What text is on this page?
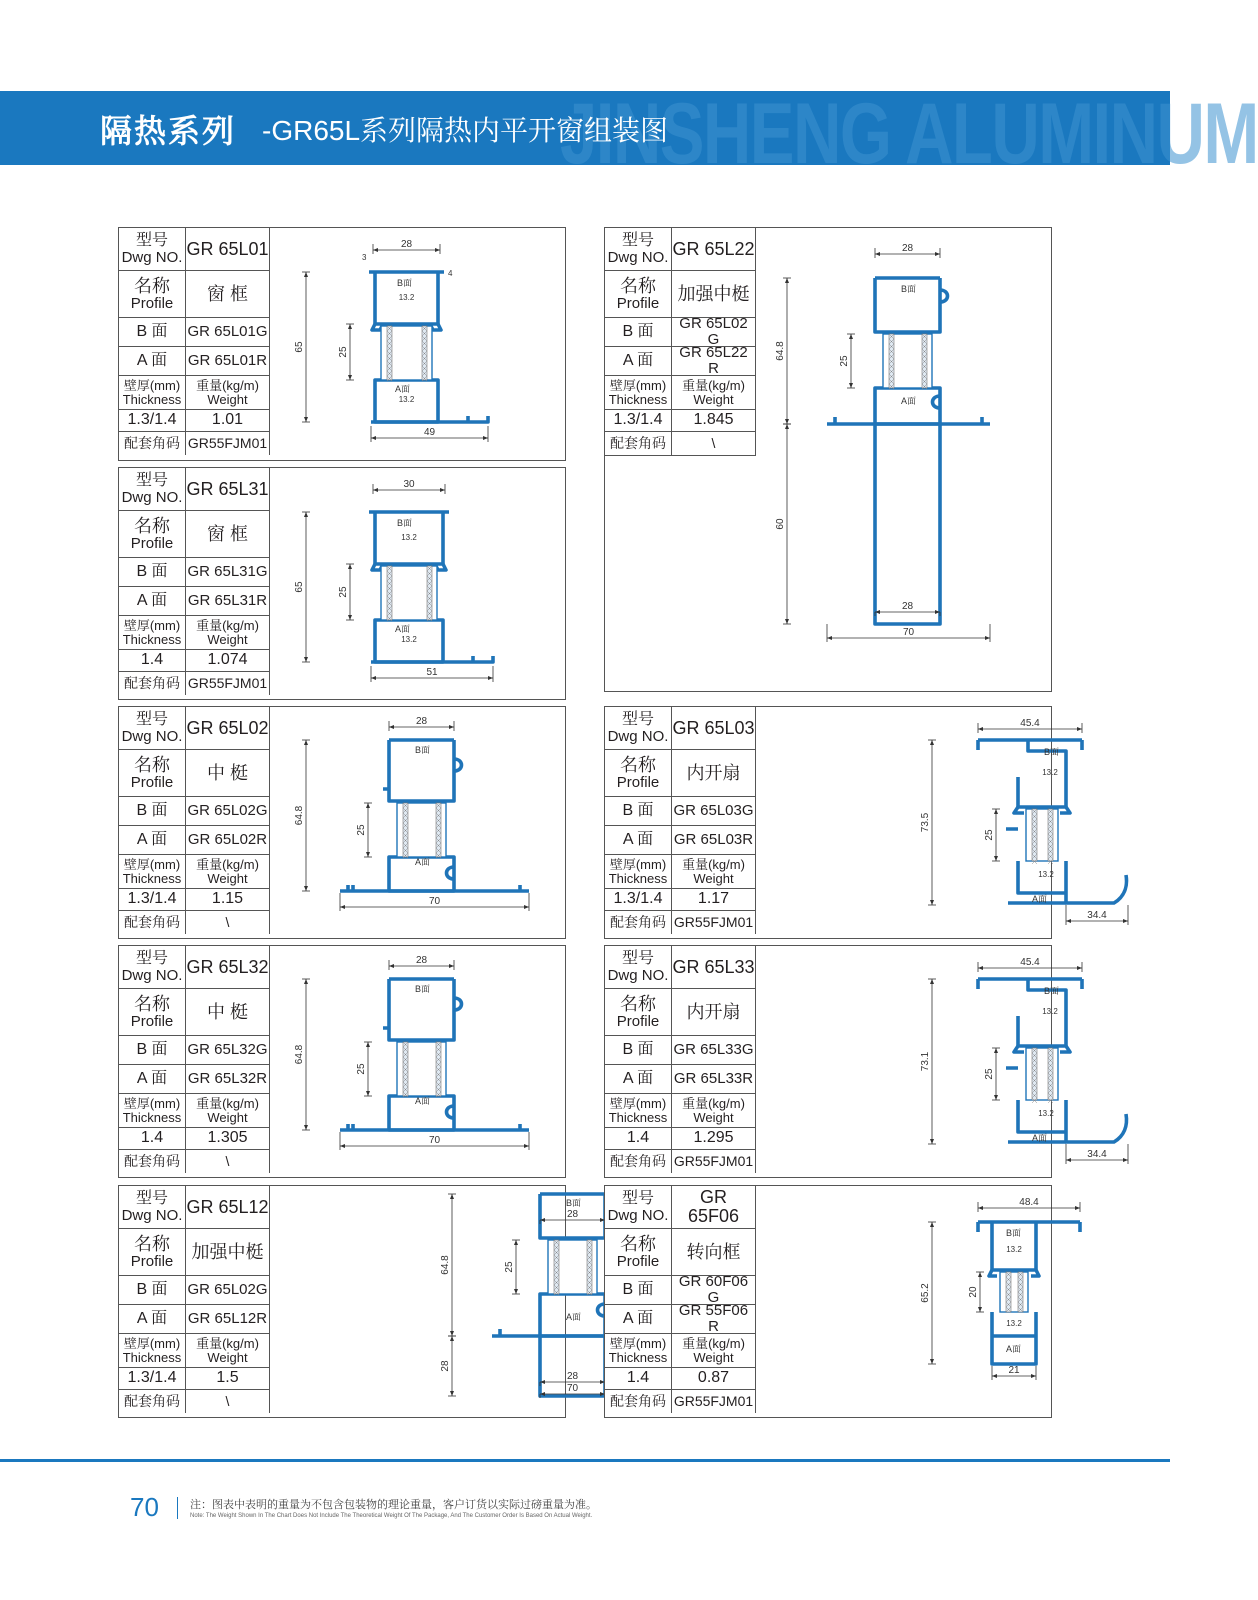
JINSHENG ALUMINUM
隔热系列 -GR65L系列隔热内平开窗组装图
型号
Dwg NO. GR 65L01
名称
Profile 窗 框
B 面 GR 65L01G
A 面 GR 65L01R
壁厚(mm)
Thickness
重量(kg/m)
Weight
1.3/1.4 1.01
配套角码 GR55FJM01
28
3
4
B面
13.2
A面
13.2
65	25
49
型号
Dwg NO. GR 65L22
名称
Profile 加强中梃
B 面	GR 65L02 G
A 面	GR 65L22 R
壁厚(mm)
Thickness
重量(kg/m)
Weight
1.3/1.4 1.845
配套角码	\
28
B面
A面
64.8
25
60
28
70
型号
Dwg NO. GR 65L31
名称
Profile 窗 框
B 面 GR 65L31G
A 面 GR 65L31R
壁厚(mm)
Thickness
重量(kg/m)
Weight
1.4	1.074
配套角码 GR55FJM01
30
B面
13.2
A面
13.2
65	25
51
型号
Dwg NO. GR 65L02
名称
Profile 中 梃
B 面 GR 65L02G
A 面 GR 65L02R
壁厚(mm)
Thickness
重量(kg/m)
Weight
1.3/1.4 1.15
配套角码	\
28
B面
A面
64.8
25
70
型号
Dwg NO. GR 65L03
名称
Profile 内开扇
B 面 GR 65L03G
A 面 GR 65L03R
壁厚(mm)
Thickness
重量(kg/m)
Weight
1.3/1.4 1.17
配套角码 GR55FJM01
45.4
B面
13.2
A面
13.2
73.5
25
34.4
型号
Dwg NO. GR 65L32
名称
Profile 中 梃
B 面 GR 65L32G
A 面 GR 65L32R
壁厚(mm)
Thickness
重量(kg/m)
Weight
1.4	1.305
配套角码	\
28
B面
A面
64.8
25
70
型号
Dwg NO. GR 65L33
名称
Profile 内开扇
B 面 GR 65L33G
A 面 GR 65L33R
壁厚(mm)
Thickness
重量(kg/m)
Weight
1.4	1.295
配套角码 GR55FJM01
45.4
B面
13.2
A面
13.2
73.1
25
34.4
型号
Dwg NO. GR 65L12
名称
Profile 加强中梃
B 面 GR 65L02G
A 面 GR 65L12R
壁厚(mm)
Thickness
重量(kg/m)
Weight
1.3/1.4 1.5
配套角码	\
B面
28
A面
64.8	25
28
28
70
型号
Dwg NO.
GR 65F06
名称
Profile 转向框
B 面	GR 60F06 G
A 面	GR 55F06 R
壁厚(mm)
Thickness
重量(kg/m)
Weight
1.4	0.87
配套角码 GR55FJM01
48.4
B面
13.2
A面
13.2
65.2	20
21
70	注：图表中表明的重量为不包含包装物的理论重量，客户订货以实际过磅重量为准。
Note: The Weight Shown In The Chart Does Not Include The Theoretical Weight Of The Package, And The Customer Order Is Based On Actual Weight.
